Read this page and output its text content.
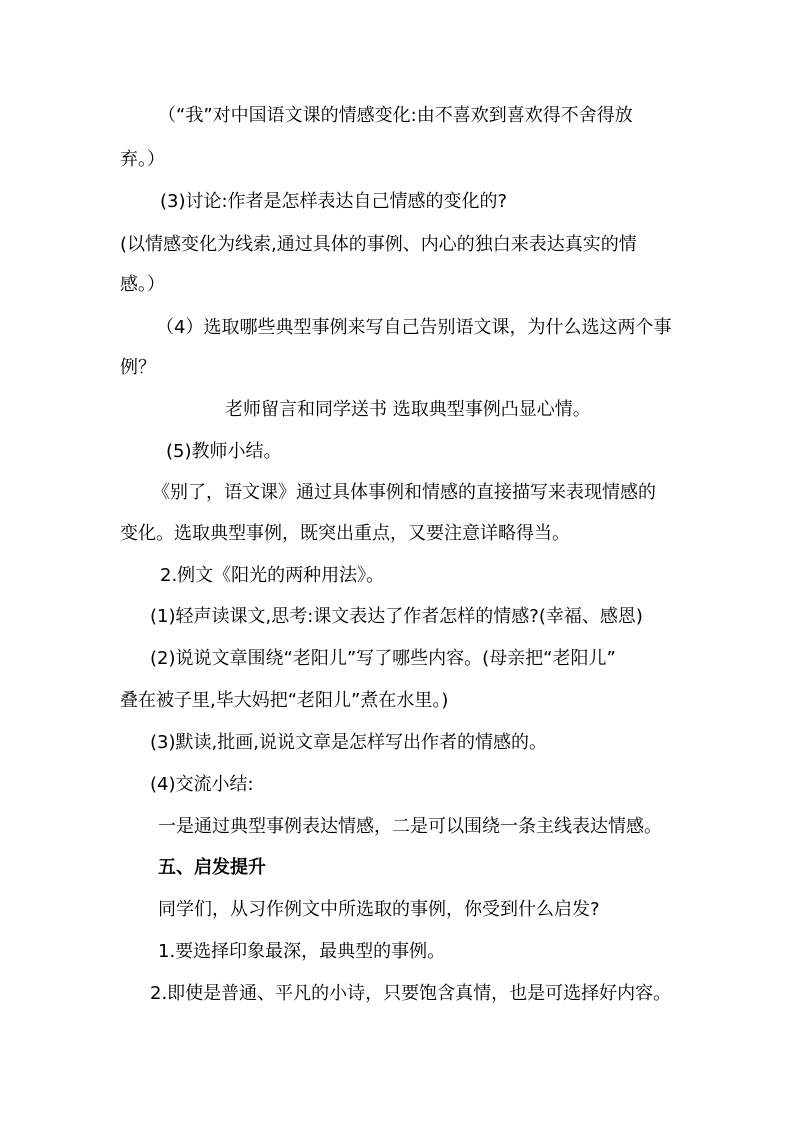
（“我”对中国语文课的情感变化:由不喜欢到喜欢得不舍得放
弃。）
(3)讨论:作者是怎样表达自己情感的变化的?
(以情感变化为线索,通过具体的事例、内心的独白来表达真实的情
感。）
（4）选取哪些典型事例来写自己告别语文课，为什么选这两个事
例？
老师留言和同学送书 选取典型事例凸显心情。
(5)教师小结。
《别了，语文课》通过具体事例和情感的直接描写来表现情感的
变化。选取典型事例，既突出重点，又要注意详略得当。
2.例文《阳光的两种用法》。
(1)轻声读课文,思考:课文表达了作者怎样的情感?(幸福、感恩)
(2)说说文章围绕“老阳儿”写了哪些内容。(母亲把“老阳儿”
叠在被子里,毕大妈把“老阳儿”煮在水里。)
(3)默读,批画,说说文章是怎样写出作者的情感的。
(4)交流小结:
一是通过典型事例表达情感，二是可以围绕一条主线表达情感。
五、启发提升
同学们，从习作例文中所选取的事例，你受到什么启发?
1.要选择印象最深，最典型的事例。
2.即使是普通、平凡的小诗，只要饱含真情，也是可选择好内容。
